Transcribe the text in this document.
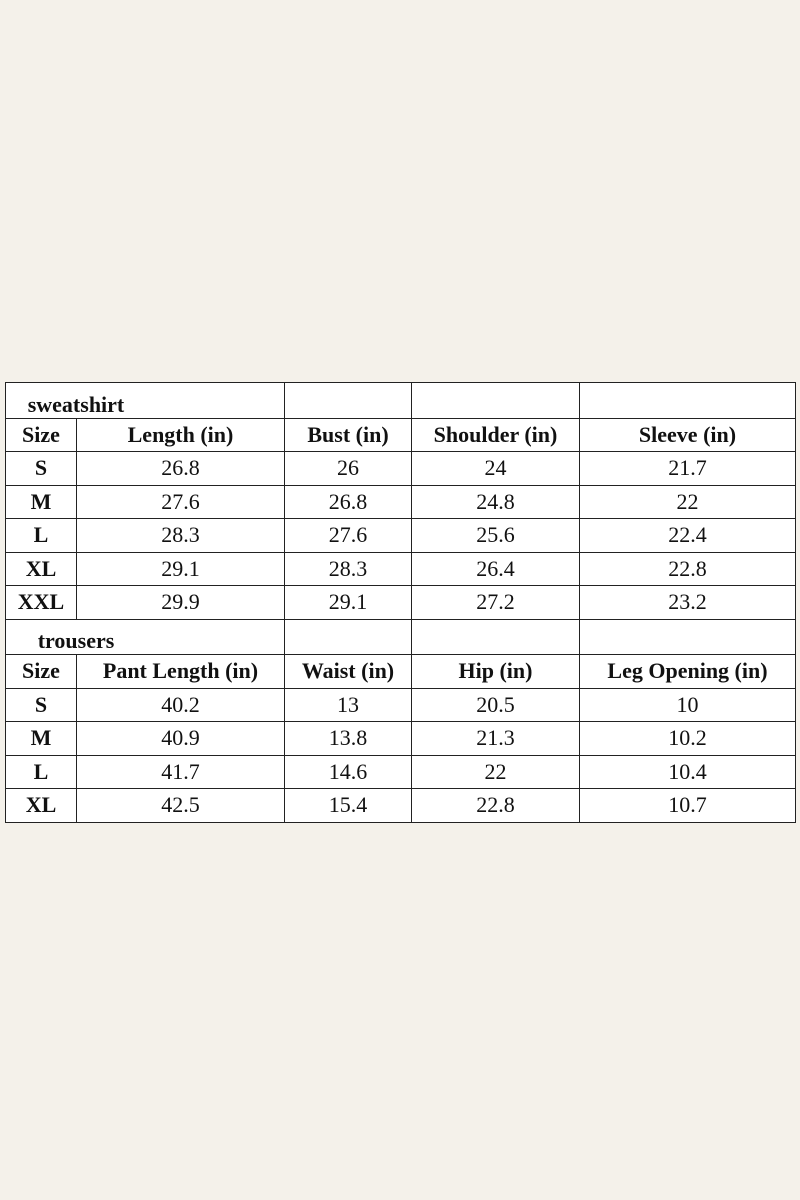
sweatshirt				
Size	Length (in)	Bust (in)	Shoulder (in)	Sleeve (in)
S	26.8	26	24	21.7
M	27.6	26.8	24.8	22
L	28.3	27.6	25.6	22.4
XL	29.1	28.3	26.4	22.8
XXL	29.9	29.1	27.2	23.2
trousers				
Size	Pant Length (in)	Waist (in)	Hip (in)	Leg Opening (in)
S	40.2	13	20.5	10
M	40.9	13.8	21.3	10.2
L	41.7	14.6	22	10.4
XL	42.5	15.4	22.8	10.7
